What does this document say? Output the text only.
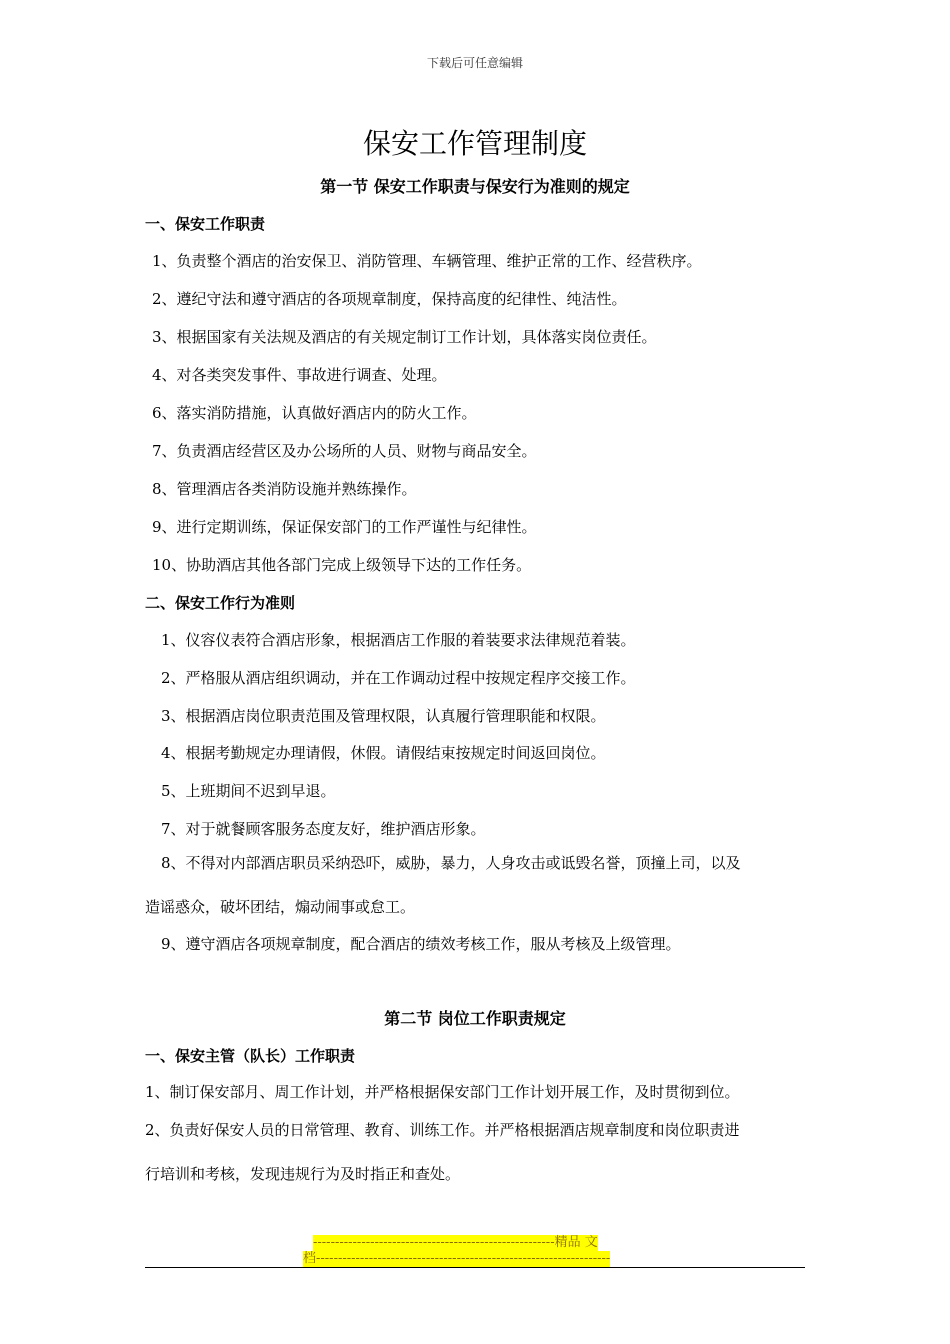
下载后可任意编辑
保安工作管理制度
第一节 保安工作职责与保安行为准则的规定
一、保安工作职责

1、负责整个酒店的治安保卫、消防管理、车辆管理、维护正常的工作、经营秩序。

2、遵纪守法和遵守酒店的各项规章制度，保持高度的纪律性、纯洁性。

3、根据国家有关法规及酒店的有关规定制订工作计划，具体落实岗位责任。

4、对各类突发事件、事故进行调查、处理。

6、落实消防措施，认真做好酒店内的防火工作。

7、负责酒店经营区及办公场所的人员、财物与商品安全。

8、管理酒店各类消防设施并熟练操作。

9、进行定期训练，保证保安部门的工作严谨性与纪律性。

10、协助酒店其他各部门完成上级领导下达的工作任务。

二、保安工作行为准则

1、仪容仪表符合酒店形象，根据酒店工作服的着装要求法律规范着装。

2、严格服从酒店组织调动，并在工作调动过程中按规定程序交接工作。

3、根据酒店岗位职责范围及管理权限，认真履行管理职能和权限。

4、根据考勤规定办理请假，休假。请假结束按规定时间返回岗位。

5、上班期间不迟到早退。

7、对于就餐顾客服务态度友好，维护酒店形象。

8、不得对内部酒店职员采纳恐吓，威胁，暴力，人身攻击或诋毁名誉，顶撞上司，以及

造谣惑众，破坏团结，煽动闹事或怠工。

9、遵守酒店各项规章制度，配合酒店的绩效考核工作，服从考核及上级管理。

第二节 岗位工作职责规定
一、保安主管（队长）工作职责

1、制订保安部月、周工作计划，并严格根据保安部门工作计划开展工作，及时贯彻到位。

2、负责好保安人员的日常管理、教育、训练工作。并严格根据酒店规章制度和岗位职责进

行培训和考核，发现违规行为及时指正和查处。

-------------------------------------------------------精品 文
档-------------------------------------------------------------------
